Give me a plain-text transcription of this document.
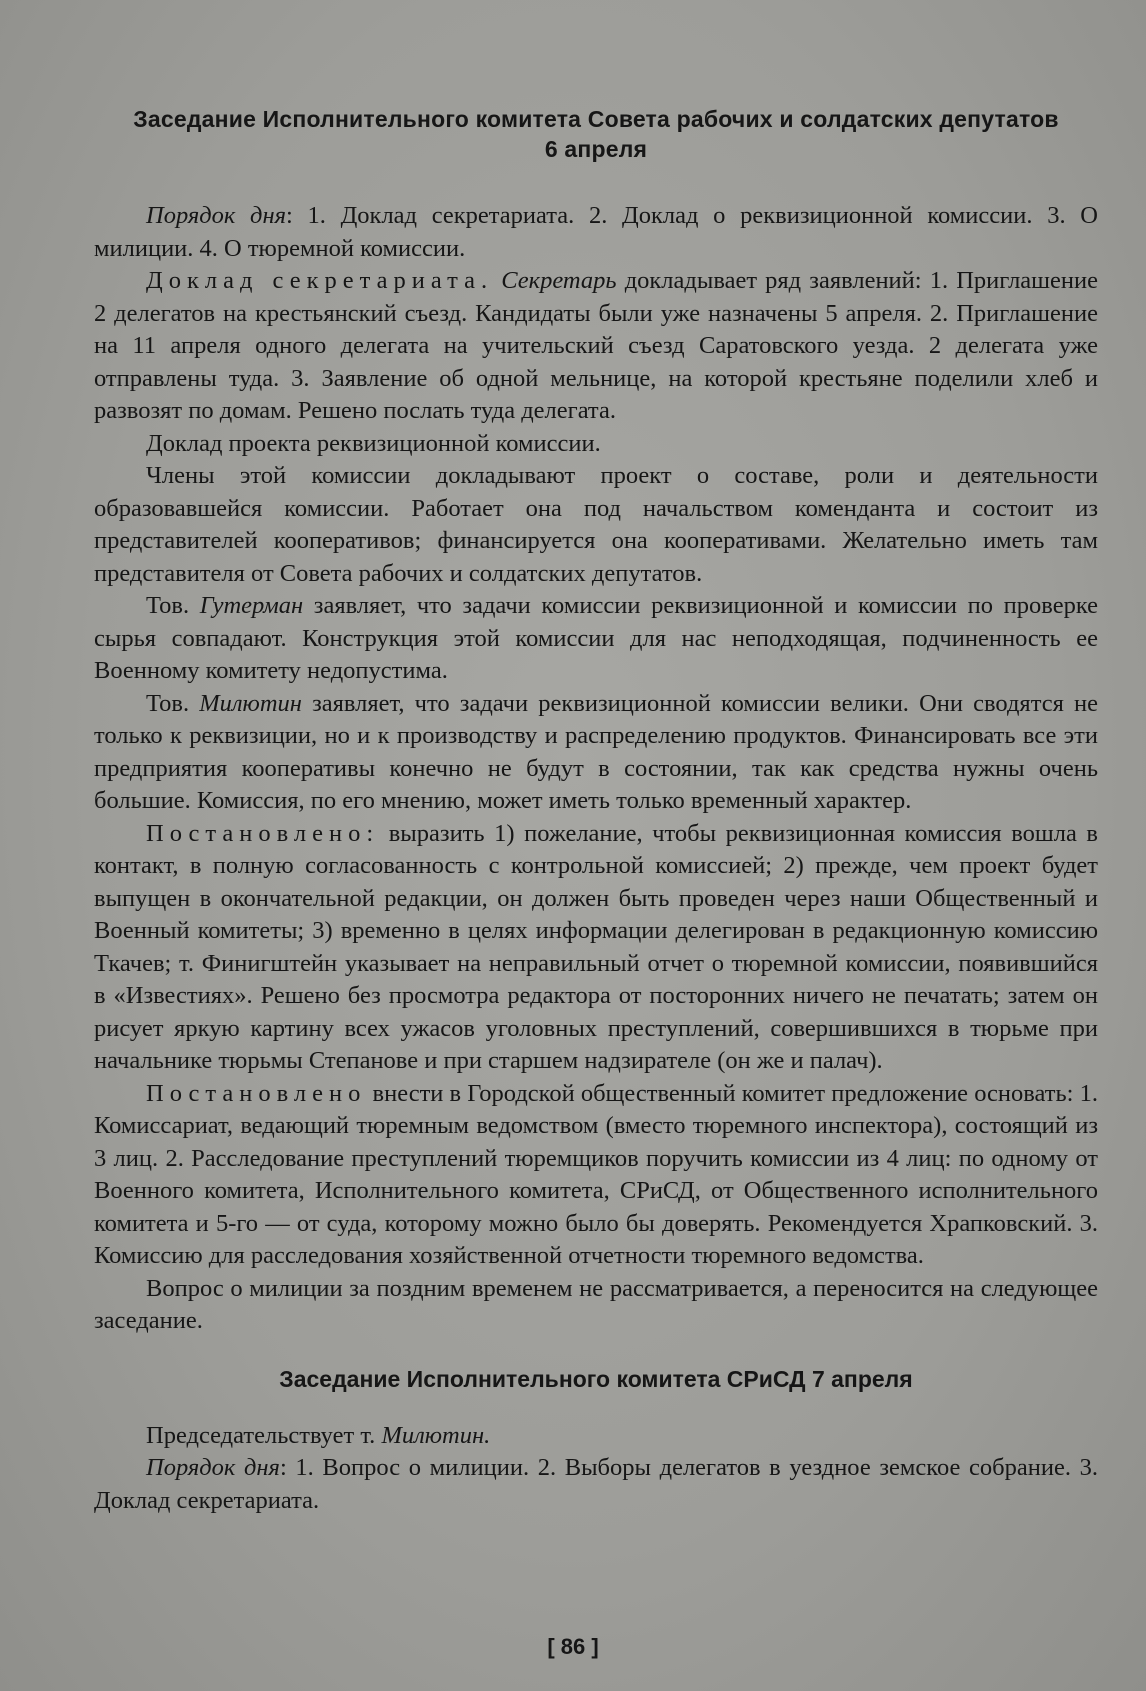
Заседание Исполнительного комитета Совета рабочих и солдатских депутатов
6 апреля

Порядок дня: 1. Доклад секретариата. 2. Доклад о реквизиционной комиссии. 3. О милиции. 4. О тюремной комиссии.

Доклад секретариата. Секретарь докладывает ряд заявлений: 1. Приглашение 2 делегатов на крестьянский съезд. Кандидаты были уже назначены 5 апреля. 2. Приглашение на 11 апреля одного делегата на учительский съезд Саратовского уезда. 2 делегата уже отправлены туда. 3. Заявление об одной мельнице, на которой крестьяне поделили хлеб и развозят по домам. Решено послать туда делегата.

Доклад проекта реквизиционной комиссии.

Члены этой комиссии докладывают проект о составе, роли и деятельности образовавшейся комиссии. Работает она под начальством коменданта и состоит из представителей кооперативов; финансируется она кооперативами. Желательно иметь там представителя от Совета рабочих и солдатских депутатов.

Тов. Гутерман заявляет, что задачи комиссии реквизиционной и комиссии по проверке сырья совпадают. Конструкция этой комиссии для нас неподходящая, подчиненность ее Военному комитету недопустима.

Тов. Милютин заявляет, что задачи реквизиционной комиссии велики. Они сводятся не только к реквизиции, но и к производству и распределению продуктов. Финансировать все эти предприятия кооперативы конечно не будут в состоянии, так как средства нужны очень большие. Комиссия, по его мнению, может иметь только временный характер.

Постановлено: выразить 1) пожелание, чтобы реквизиционная комиссия вошла в контакт, в полную согласованность с контрольной комиссией; 2) прежде, чем проект будет выпущен в окончательной редакции, он должен быть проведен через наши Общественный и Военный комитеты; 3) временно в целях информации делегирован в редакционную комиссию Ткачев; т. Финигштейн указывает на неправильный отчет о тюремной комиссии, появившийся в «Известиях». Решено без просмотра редактора от посторонних ничего не печатать; затем он рисует яркую картину всех ужасов уголовных преступлений, совершившихся в тюрьме при начальнике тюрьмы Степанове и при старшем надзирателе (он же и палач).

Постановлено внести в Городской общественный комитет предложение основать: 1. Комиссариат, ведающий тюремным ведомством (вместо тюремного инспектора), состоящий из 3 лиц. 2. Расследование преступлений тюремщиков поручить комиссии из 4 лиц: по одному от Военного комитета, Исполнительного комитета, СРиСД, от Общественного исполнительного комитета и 5-го — от суда, которому можно было бы доверять. Рекомендуется Храпковский. 3. Комиссию для расследования хозяйственной отчетности тюремного ведомства.

Вопрос о милиции за поздним временем не рассматривается, а переносится на следующее заседание.

Заседание Исполнительного комитета СРиСД 7 апреля

Председательствует т. Милютин.

Порядок дня: 1. Вопрос о милиции. 2. Выборы делегатов в уездное земское собрание. 3. Доклад секретариата.

[ 86 ]
